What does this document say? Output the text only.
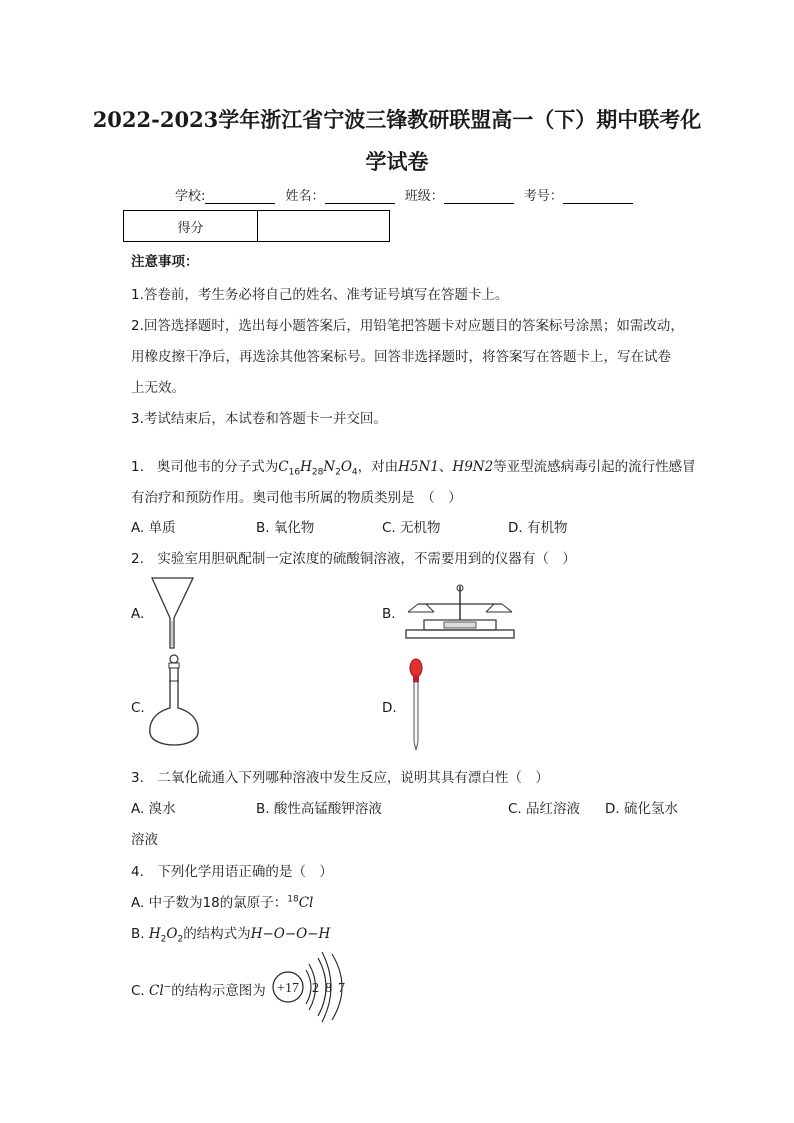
2022-2023学年浙江省宁波三锋教研联盟高一（下）期中联考化
学试卷
学校:	姓名：	班级：	考号：
得分	
注意事项：
1.答卷前，考生务必将自己的姓名、准考证号填写在答题卡上。
2.回答选择题时，选出每小题答案后，用铅笔把答题卡对应题目的答案标号涂黑；如需改动，
用橡皮擦干净后，再选涂其他答案标号。回答非选择题时，将答案写在答题卡上，写在试卷
上无效。
3.考试结束后，本试卷和答题卡一并交回。
1. 奥司他韦的分子式为$C_{16}H_{28}N_2O_4$，对由H5N1、H9N2等亚型流感病毒引起的流行性感冒
有治疗和预防作用。奥司他韦所属的物质类别是　（　）
A. 单质	B. 氧化物	C. 无机物	D. 有机物
2.　实验室用胆矾配制一定浓度的硫酸铜溶液，不需要用到的仪器有（　）
A.	B.
C.	D.
3.　二氧化硫通入下列哪种溶液中发生反应，说明其具有漂白性（　）
A. 溴水	B. 酸性高锰酸钾溶液	C. 品红溶液 D. 硫化氢水
溶液
4.　下列化学用语正确的是（　）
A. 中子数为18的氯原子：$^{18}$Cl
B. $H_2O_2$的结构式为H−O−O−H
C. Cl−的结构示意图为 +17 2 8 7
